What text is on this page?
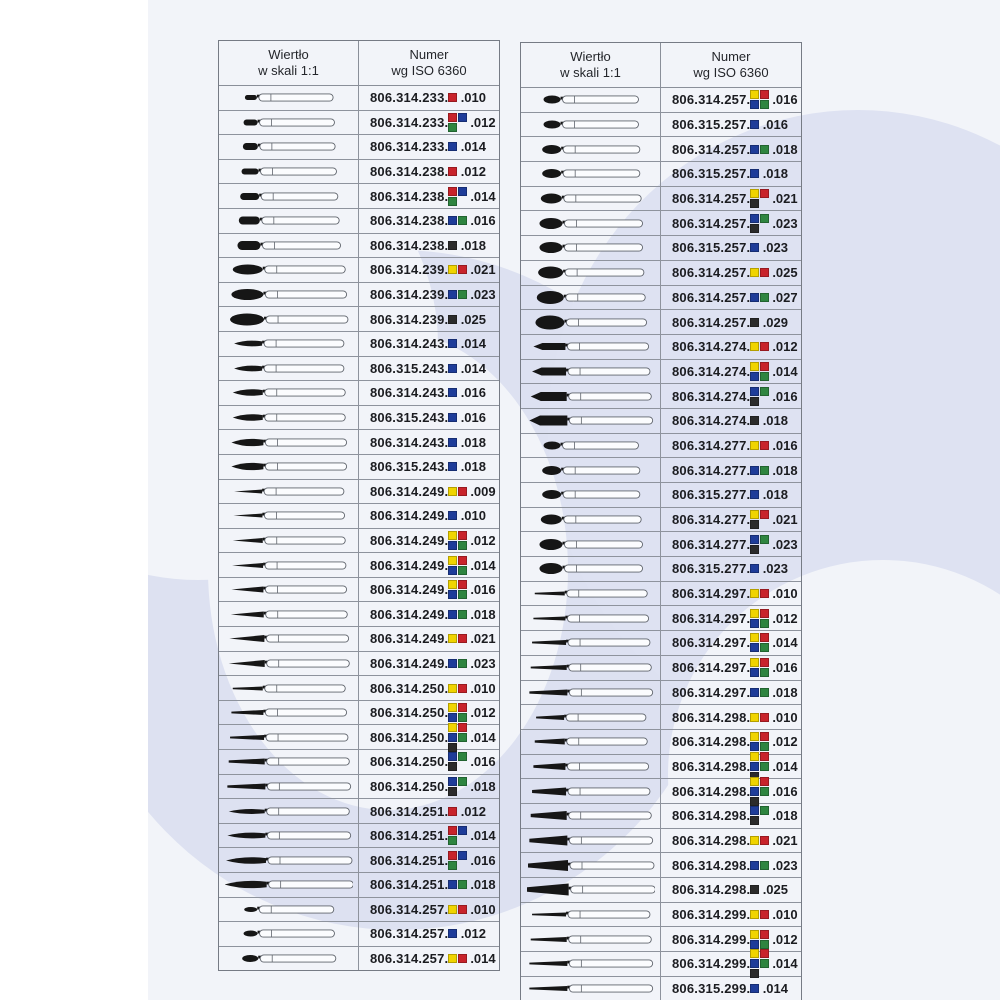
Wiertło
w skali 1:1
Numer
wg ISO 6360
806.314.233. .010
806.314.233. .012
806.314.233. .014
806.314.238. .012
806.314.238. .014
806.314.238. .016
806.314.238. .018
806.314.239. .021
806.314.239. .023
806.314.239. .025
806.314.243. .014
806.315.243. .014
806.314.243. .016
806.315.243. .016
806.314.243. .018
806.315.243. .018
806.314.249. .009
806.314.249. .010
806.314.249. .012
806.314.249. .014
806.314.249. .016
806.314.249. .018
806.314.249. .021
806.314.249. .023
806.314.250. .010
806.314.250. .012
806.314.250. .014
806.314.250. .016
806.314.250. .018
806.314.251. .012
806.314.251. .014
806.314.251. .016
806.314.251. .018
806.314.257. .010
806.314.257. .012
806.314.257. .014
Wiertło
w skali 1:1
Numer
wg ISO 6360
806.314.257. .016
806.315.257. .016
806.314.257. .018
806.315.257. .018
806.314.257. .021
806.314.257. .023
806.315.257. .023
806.314.257. .025
806.314.257. .027
806.314.257. .029
806.314.274. .012
806.314.274. .014
806.314.274. .016
806.314.274. .018
806.314.277. .016
806.314.277. .018
806.315.277. .018
806.314.277. .021
806.314.277. .023
806.315.277. .023
806.314.297. .010
806.314.297. .012
806.314.297. .014
806.314.297. .016
806.314.297. .018
806.314.298. .010
806.314.298. .012
806.314.298. .014
806.314.298. .016
806.314.298. .018
806.314.298. .021
806.314.298. .023
806.314.298. .025
806.314.299. .010
806.314.299. .012
806.314.299. .014
806.315.299. .014
